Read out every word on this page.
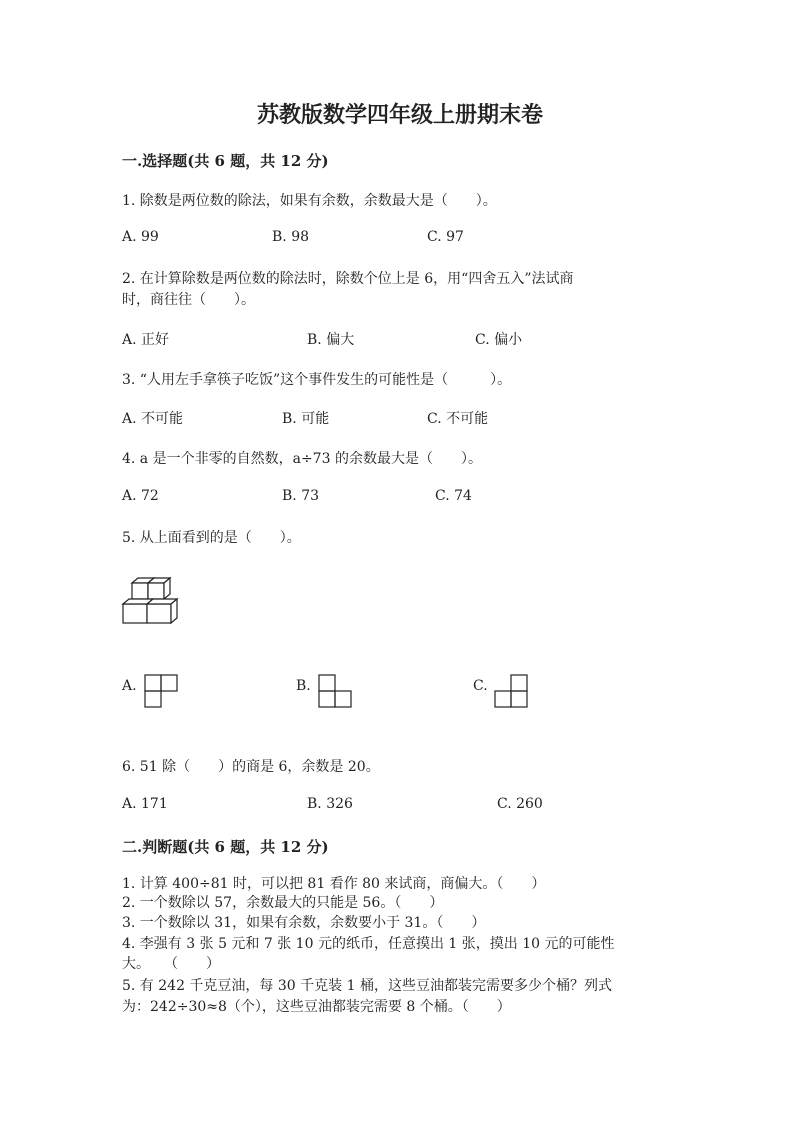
苏教版数学四年级上册期末卷
一.选择题(共 6 题，共 12 分)
1. 除数是两位数的除法，如果有余数，余数最大是（　　）。
A. 99	B. 98	C. 97
2. 在计算除数是两位数的除法时，除数个位上是 6，用“四舍五入”法试商
时，商往往（　　）。
A. 正好	B. 偏大	C. 偏小
3. “人用左手拿筷子吃饭”这个事件发生的可能性是（　　　）。
A. 不可能	B. 可能	C. 不可能
4. a 是一个非零的自然数，a÷73 的余数最大是（　　）。
A. 72	B. 73	C. 74
5. 从上面看到的是（　　）。
A.	B.	C.
6. 51 除（　　）的商是 6，余数是 20。
A. 171	B. 326	C. 260
二.判断题(共 6 题，共 12 分)
1. 计算 400÷81 时，可以把 81 看作 80 来试商，商偏大。（　　）
2. 一个数除以 57，余数最大的只能是 56。（　　）
3. 一个数除以 31，如果有余数，余数要小于 31。（　　）
4. 李强有 3 张 5 元和 7 张 10 元的纸币，任意摸出 1 张，摸出 10 元的可能性
大。　　（　　）
5. 有 242 千克豆油，每 30 千克装 1 桶，这些豆油都装完需要多少个桶？列式
为：242÷30≈8（个），这些豆油都装完需要 8 个桶。（　　）
